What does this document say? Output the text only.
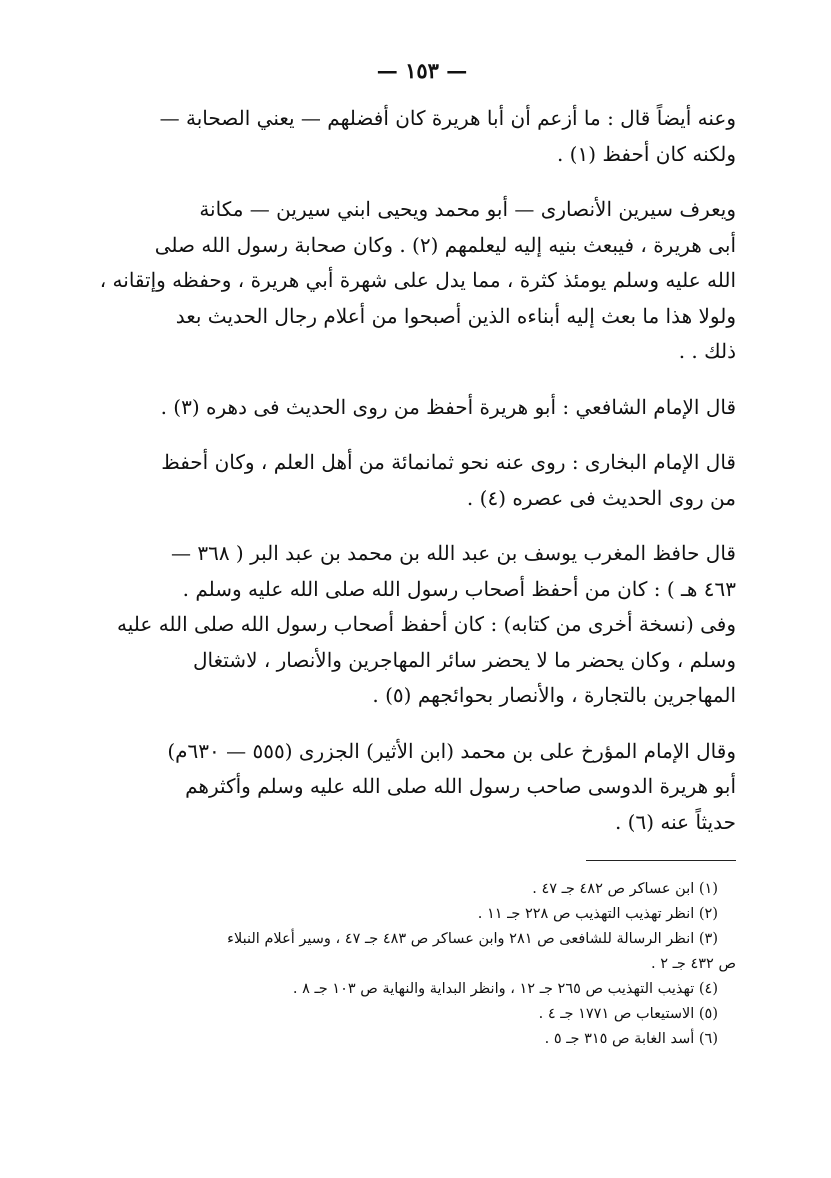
— ١٥٣ —

وعنه أيضاً قال : ما أزعم أن أبا هريرة كان أفضلهم — يعني الصحابة —
ولكنه كان أحفظ (١) .

ويعرف سيرين الأنصارى — أبو محمد ويحيى ابني سيرين — مكانة
أبى هريرة ، فيبعث بنيه إليه ليعلمهم (٢) . وكان صحابة رسول الله صلى
الله عليه وسلم يومئذ كثرة ، مما يدل على شهرة أبي هريرة ، وحفظه وإتقانه ،
ولولا هذا ما بعث إليه أبناءه الذين أصبحوا من أعلام رجال الحديث بعد
ذلك . .

قال الإمام الشافعي : أبو هريرة أحفظ من روى الحديث فى دهره (٣) .

قال الإمام البخارى : روى عنه نحو ثمانمائة من أهل العلم ، وكان أحفظ
من روى الحديث فى عصره (٤) .

قال حافظ المغرب يوسف بن عبد الله بن محمد بن عبد البر ( ٣٦٨ —
٤٦٣ هـ ) : كان من أحفظ أصحاب رسول الله صلى الله عليه وسلم .
وفى (نسخة أخرى من كتابه) : كان أحفظ أصحاب رسول الله صلى الله عليه
وسلم ، وكان يحضر ما لا يحضر سائر المهاجرين والأنصار ، لاشتغال
المهاجرين بالتجارة ، والأنصار بحوائجهم (٥) .

وقال الإمام المؤرخ على بن محمد (ابن الأثير) الجزرى (٥٥٥ — ٦٣٠م)
أبو هريرة الدوسى صاحب رسول الله صلى الله عليه وسلم وأكثرهم
حديثاً عنه (٦) .

(١) ابن عساكر ص ٤٨٢ جـ ٤٧ .
(٢) انظر تهذيب التهذيب ص ٢٢٨ جـ ١١ .
(٣) انظر الرسالة للشافعى ص ٢٨١ وابن عساكر ص ٤٨٣ جـ ٤٧ ، وسير أعلام النبلاء
ص ٤٣٢ جـ ٢ .
(٤) تهذيب التهذيب ص ٢٦٥ جـ ١٢ ، وانظر البداية والنهاية ص ١٠٣ جـ ٨ .
(٥) الاستيعاب ص ١٧٧١ جـ ٤ .
(٦) أسد الغابة ص ٣١٥ جـ ٥ .
